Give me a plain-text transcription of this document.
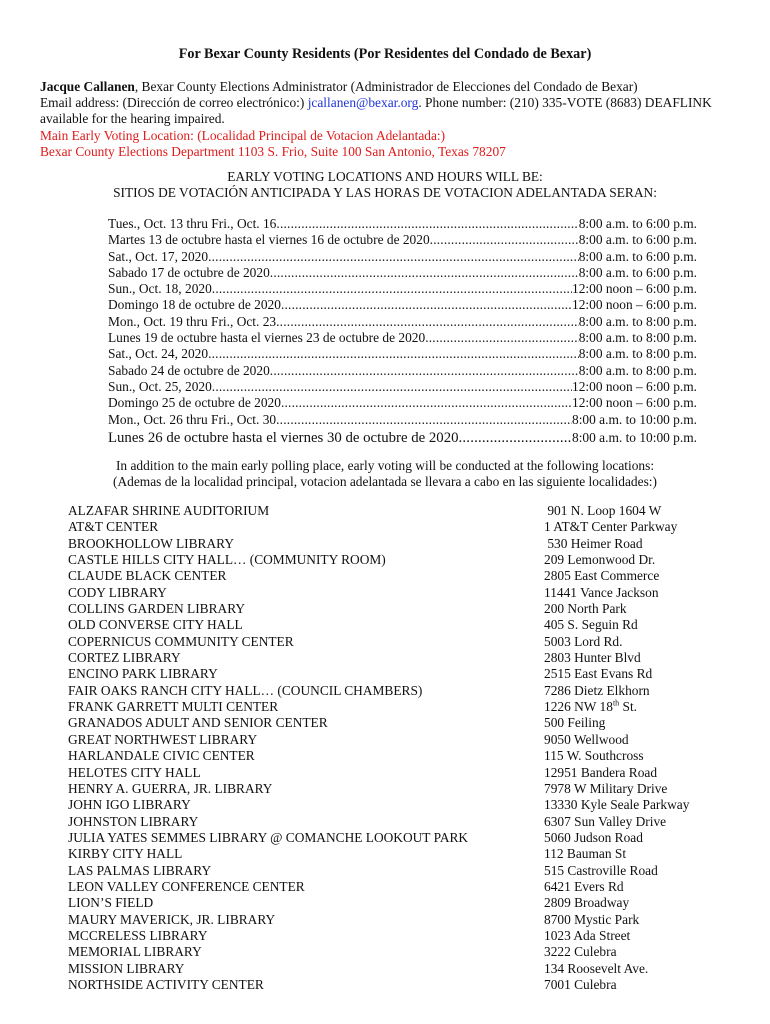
For Bexar County Residents (Por Residentes del Condado de Bexar)
Jacque Callanen, Bexar County Elections Administrator (Administrador de Elecciones del Condado de Bexar)
Email address: (Dirección de correo electrónico:) jcallanen@bexar.org. Phone number: (210) 335-VOTE (8683) DEAFLINK
available for the hearing impaired.
Main Early Voting Location: (Localidad Principal de Votacion Adelantada:)
Bexar County Elections Department 1103 S. Frio, Suite 100 San Antonio, Texas 78207
EARLY VOTING LOCATIONS AND HOURS WILL BE:
SITIOS DE VOTACIÓN ANTICIPADA Y LAS HORAS DE VOTACION ADELANTADA SERAN:
Tues., Oct. 13 thru Fri., Oct. 16 .....	8:00 a.m. to 6:00 p.m.
Martes 13 de octubre hasta el viernes 16 de octubre de 2020 .....	8:00 a.m. to 6:00 p.m.
Sat., Oct. 17, 2020 .....	8:00 a.m. to 6:00 p.m.
Sabado 17 de octubre de 2020 .....	8:00 a.m. to 6:00 p.m.
Sun., Oct. 18, 2020 .....	12:00 noon – 6:00 p.m.
Domingo 18 de octubre de 2020 .....	12:00 noon – 6:00 p.m.
Mon., Oct. 19 thru Fri., Oct. 23 .....	8:00 a.m. to 8:00 p.m.
Lunes 19 de octubre hasta el viernes 23 de octubre de 2020 .....	8:00 a.m. to 8:00 p.m.
Sat., Oct. 24, 2020 .....	8:00 a.m. to 8:00 p.m.
Sabado 24 de octubre de 2020 .....	8:00 a.m. to 8:00 p.m.
Sun., Oct. 25, 2020 .....	12:00 noon – 6:00 p.m.
Domingo 25 de octubre de 2020 .....	12:00 noon – 6:00 p.m.
Mon., Oct. 26 thru Fri., Oct. 30 .....	8:00 a.m. to 10:00 p.m.
Lunes 26 de octubre hasta el viernes 30 de octubre de 2020 .....	8:00 a.m. to 10:00 p.m.
In addition to the main early polling place, early voting will be conducted at the following locations:
(Ademas de la localidad principal, votacion adelantada se llevara a cabo en las siguiente localidades:)
ALZAFAR SHRINE AUDITORIUM	901 N. Loop 1604 W
AT&T CENTER	1 AT&T Center Parkway
BROOKHOLLOW LIBRARY	530 Heimer Road
CASTLE HILLS CITY HALL… (COMMUNITY ROOM)	209 Lemonwood Dr.
CLAUDE BLACK CENTER	2805 East Commerce
CODY LIBRARY	11441 Vance Jackson
COLLINS GARDEN LIBRARY	200 North Park
OLD CONVERSE CITY HALL	405 S. Seguin Rd
COPERNICUS COMMUNITY CENTER	5003 Lord Rd.
CORTEZ LIBRARY	2803 Hunter Blvd
ENCINO PARK LIBRARY	2515 East Evans Rd
FAIR OAKS RANCH CITY HALL… (COUNCIL CHAMBERS)	7286 Dietz Elkhorn
FRANK GARRETT MULTI CENTER	1226 NW 18th St.
GRANADOS ADULT AND SENIOR CENTER	500 Feiling
GREAT NORTHWEST LIBRARY	9050 Wellwood
HARLANDALE CIVIC CENTER	115 W. Southcross
HELOTES CITY HALL	12951 Bandera Road
HENRY A. GUERRA, JR. LIBRARY	7978 W Military Drive
JOHN IGO LIBRARY	13330 Kyle Seale Parkway
JOHNSTON LIBRARY	6307 Sun Valley Drive
JULIA YATES SEMMES LIBRARY @ COMANCHE LOOKOUT PARK	5060 Judson Road
KIRBY CITY HALL	112 Bauman St
LAS PALMAS LIBRARY	515 Castroville Road
LEON VALLEY CONFERENCE CENTER	6421 Evers Rd
LION’S FIELD	2809 Broadway
MAURY MAVERICK, JR. LIBRARY	8700 Mystic Park
MCCRELESS LIBRARY	1023 Ada Street
MEMORIAL LIBRARY	3222 Culebra
MISSION LIBRARY	134 Roosevelt Ave.
NORTHSIDE ACTIVITY CENTER	7001 Culebra
